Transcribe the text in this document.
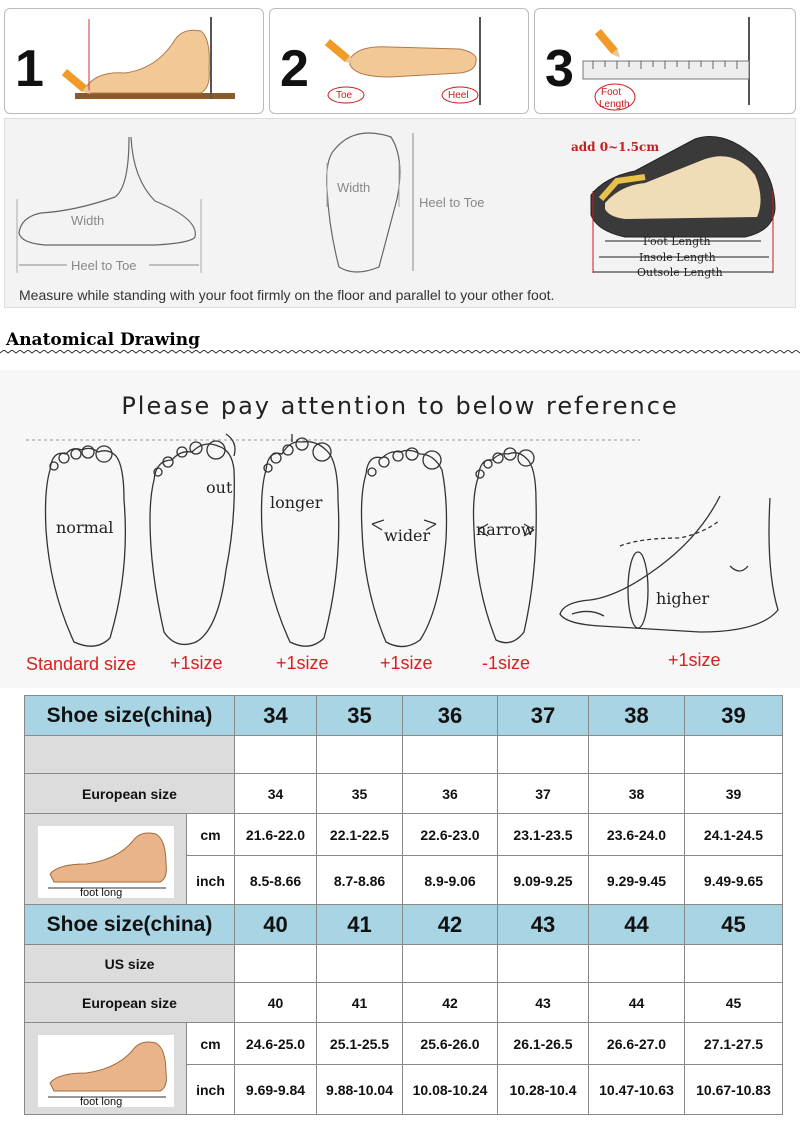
1	2	Toe	Heel 3	Foot
Length
Width
Heel to Toe
Width
Heel to Toe
add 0~1.5cm
Foot Length
Insole Length
Outsole Length
Measure while standing with your foot firmly on the floor and parallel to your other foot.
Anatomical Drawing
Please pay attention to below reference
normal
out
longer
wider	narrow
higher
Standard size +1size	+1size	+1size	-1size	+1size
Shoe size(china)		34	35	36	37	38	39

European size		34	35	36	37	38	39

foot long	cm	21.6-22.0	22.1-22.5	22.6-23.0	23.1-23.5	23.6-24.0	24.1-24.5
	inch	8.5-8.66	8.7-8.86	8.9-9.06	9.09-9.25	9.29-9.45	9.49-9.65
Shoe size(china)		40	41	42	43	44	45
US size							
European size		40	41	42	43	44	45

foot long	cm	24.6-25.0	25.1-25.5	25.6-26.0	26.1-26.5	26.6-27.0	27.1-27.5
	inch	9.69-9.84	9.88-10.04	10.08-10.24	10.28-10.4	10.47-10.63	10.67-10.83
